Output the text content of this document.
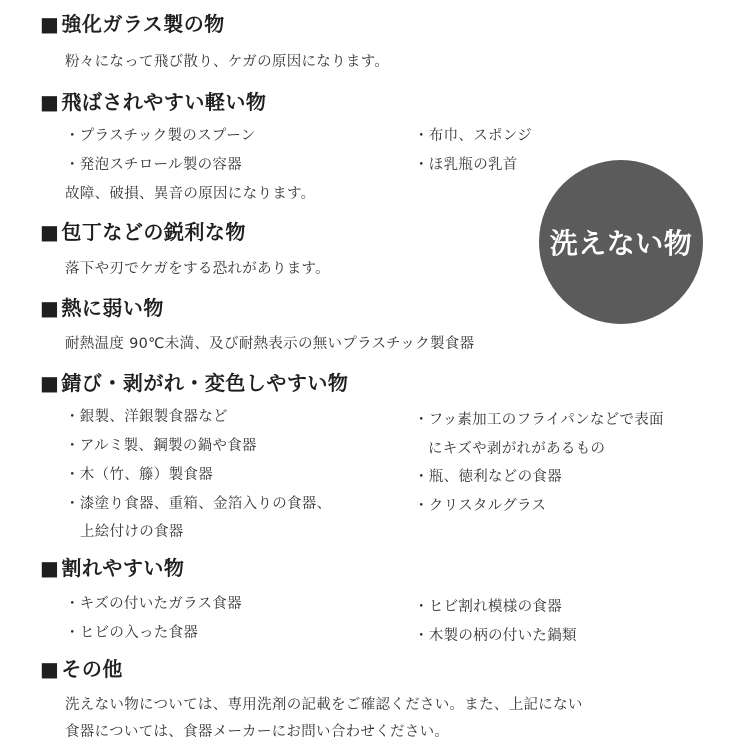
■ 強化ガラス製の物
粉々になって飛び散り、ケガの原因になります。
■ 飛ばされやすい軽い物
・プラスチック製のスプーン
・発泡スチロール製の容器
・布巾、スポンジ
・ほ乳瓶の乳首
故障、破損、異音の原因になります。
■ 包丁などの鋭利な物
落下や刃でケガをする恐れがあります。
■ 熱に弱い物
耐熱温度 90℃未満、及び耐熱表示の無いプラスチック製食器
■ 錆び・剥がれ・変色しやすい物
・銀製、洋銀製食器など
・アルミ製、鋼製の鍋や食器
・木（竹、籐）製食器
・漆塗り食器、重箱、金箔入りの食器、
上絵付けの食器
・フッ素加工のフライパンなどで表面
にキズや剥がれがあるもの
・瓶、徳利などの食器
・クリスタルグラス
■ 割れやすい物
・キズの付いたガラス食器
・ヒビの入った食器
・ヒビ割れ模様の食器
・木製の柄の付いた鍋類
■ その他
洗えない物については、専用洗剤の記載をご確認ください。また、上記にない
食器については、食器メーカーにお問い合わせください。
洗えない物
